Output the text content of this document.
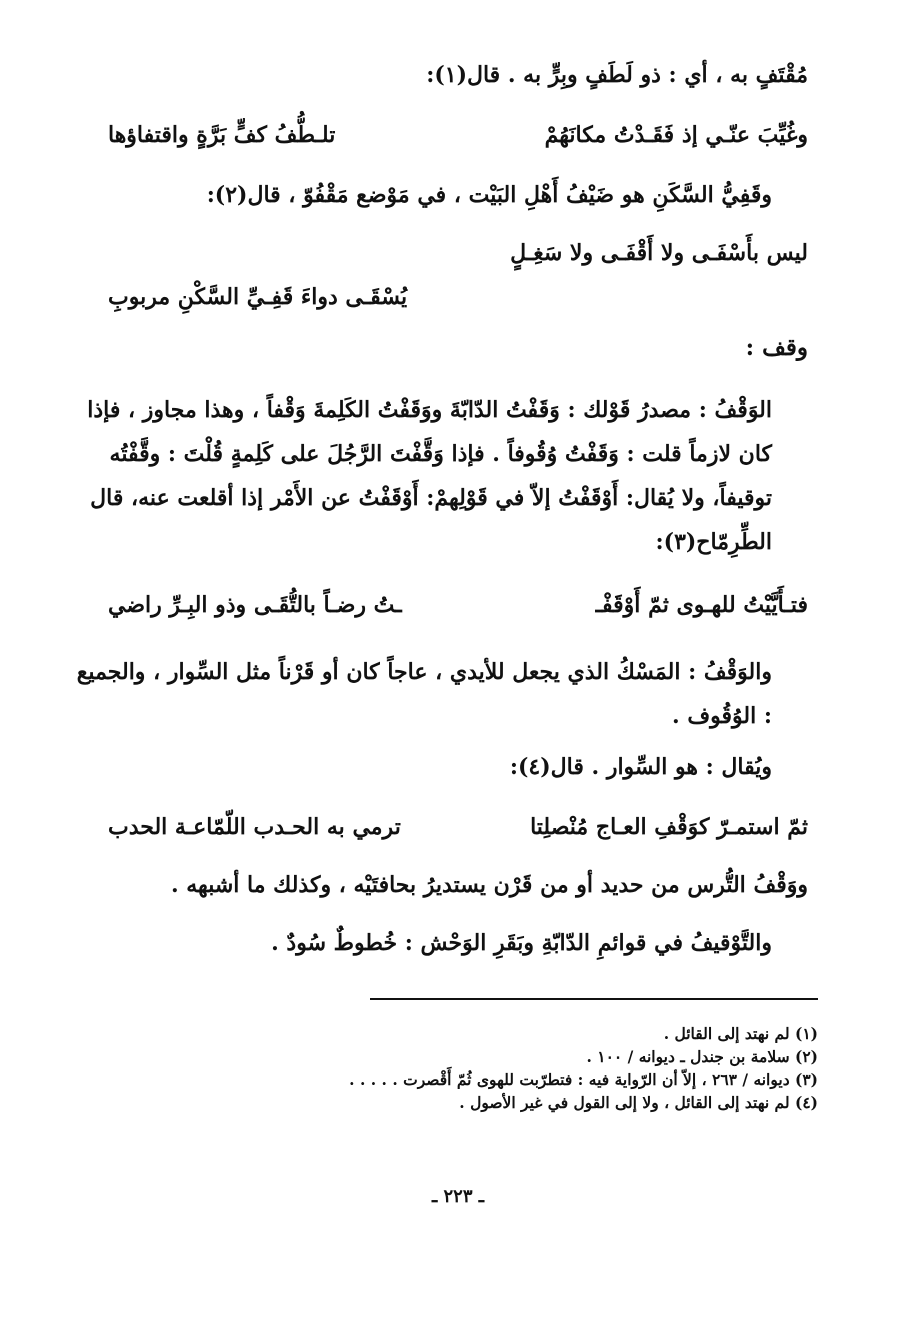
مُقْتَفٍ به ، أي : ذو لَطَفٍ وبِرٍّ به . قال(١):
وغُيِّبَ عنّـي إذ فَقَـدْتُ مكانَهُمْ
تلـطُّفُ كفٍّ بَرَّةٍ واقتفاؤها
وقَفِيُّ السَّكَنِ هو ضَيْفُ أَهْلِ البَيْت ، في مَوْضع مَقْفُوّ ، قال(٢):
ليس بأَسْفَـى ولا أَقْفَـى ولا سَغِـلٍ
يُسْقَـى دواءَ قَفِـيِّ السَّكْنِ مربوبِ
وقف :
الوَقْفُ : مصدرُ قَوْلك : وَقَفْتُ الدّابّةَ ووَقَفْتُ الكَلِمةَ وَقْفاً ، وهذا مجاوز ، فإذا كان لازماً قلت : وَقَفْتُ وُقُوفاً . فإذا وَقَّفْتَ الرَّجُلَ على كَلِمةٍ قُلْتَ : وقَّفْتُه توقيفاً، ولا يُقال: أَوْقَفْتُ إلاّ في قَوْلِهمْ: أَوْقَفْتُ عن الأَمْر إذا أقلعت عنه، قال الطِّرِمّاح(٣):
فتـأَيَّيْتُ للهـوى ثمّ أَوْقَفْـ
ـتُ رضـاً بالتُّقَـى وذو البِـرِّ راضي
والوَقْفُ : المَسْكُ الذي يجعل للأيدي ، عاجاً كان أو قَرْناً مثل السِّوار ، والجميع : الوُقُوف .
ويُقال : هو السِّوار . قال(٤):
ثمّ استمـرّ كوَقْفِ العـاج مُنْصلِتا
ترمي به الحـدب اللّمّاعـة الحدب
ووَقْفُ التُّرس من حديد أو من قَرْن يستديرُ بحافتَيْه ، وكذلك ما أشبهه .
والتَّوْقيفُ في قوائمِ الدّابّةِ وبَقَرِ الوَحْش : خُطوطٌ سُودٌ .
(١) لم نهتد إلى القائل .
(٢) سلامة بن جندل ـ ديوانه / ١٠٠ .
(٣) ديوانه / ٢٦٣ ، إلاّ أن الرّواية فيه : فتطرّبت للهوى ثُمّ أَقْصرت . . . . .
(٤) لم نهتد إلى القائل ، ولا إلى القول في غير الأصول .
ـ ٢٢٣ ـ
